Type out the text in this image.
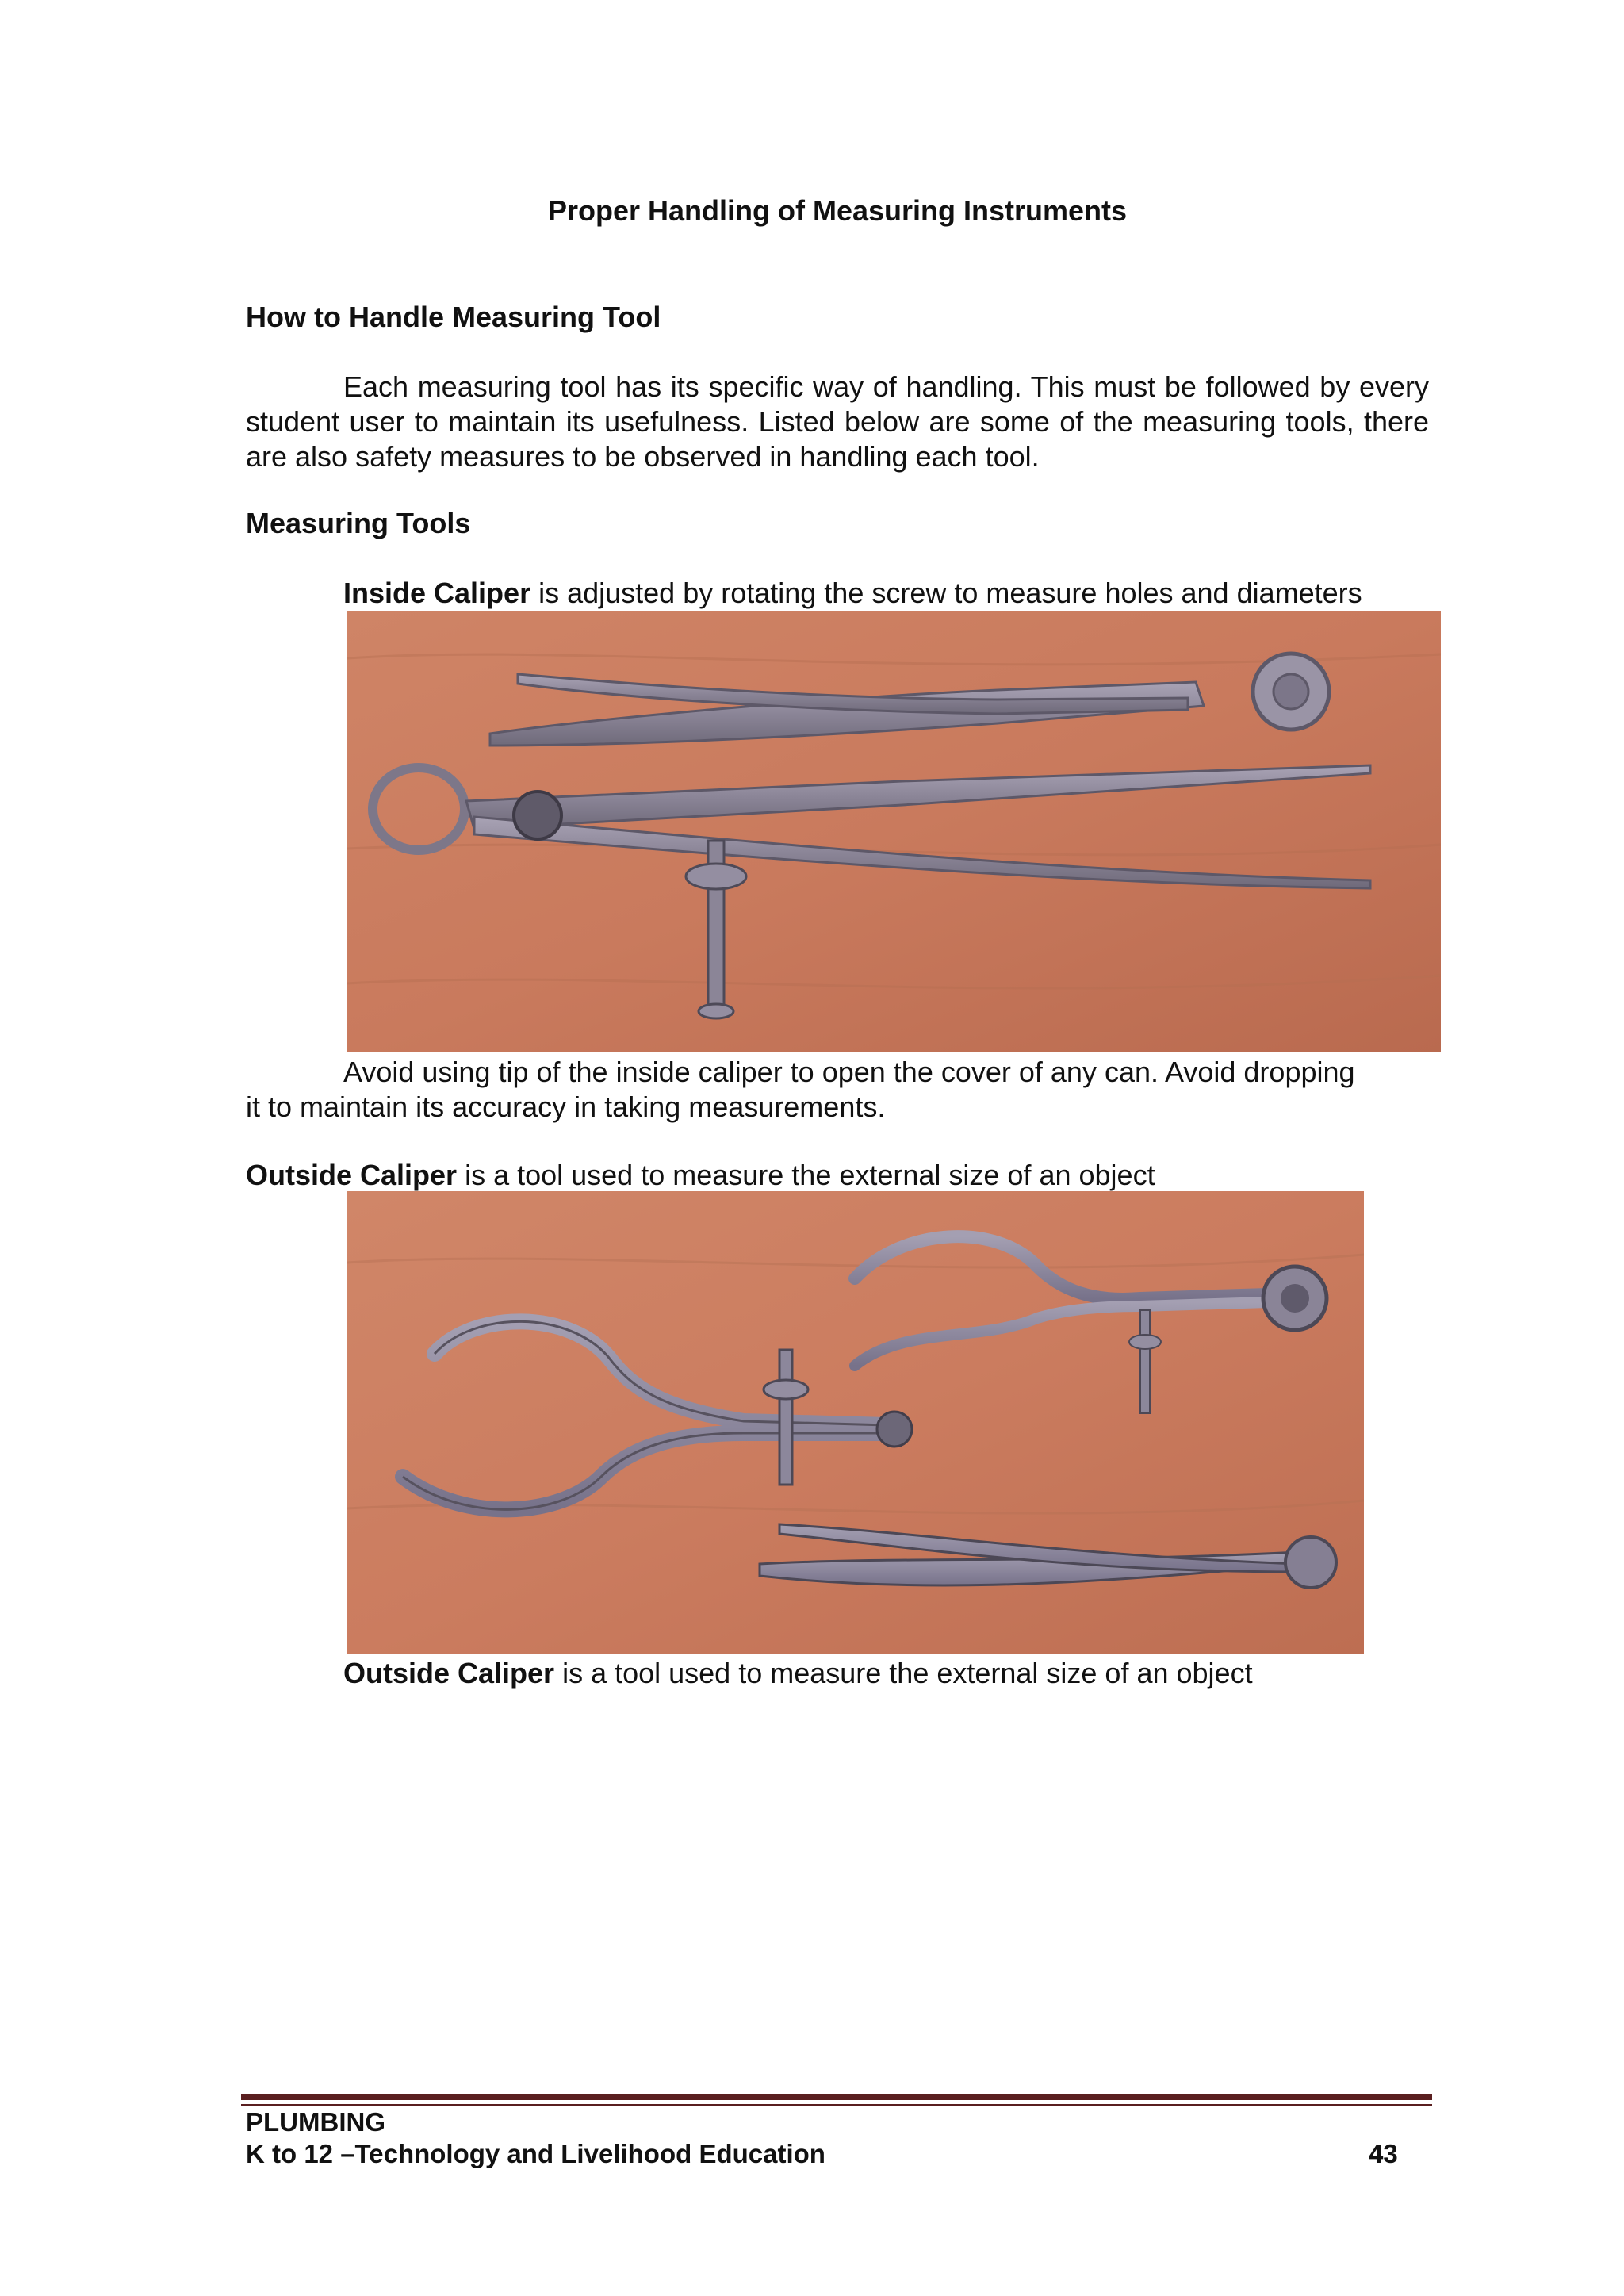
Proper Handling of Measuring Instruments
How to Handle Measuring Tool
Each measuring tool has its specific way of handling. This must be followed by every student user to maintain its usefulness. Listed below are some of the measuring tools, there are also safety measures to be observed in handling each tool.
Measuring Tools
Inside Caliper is adjusted by rotating the screw to measure holes and diameters
Avoid using tip of the inside caliper to open the cover of any can. Avoid dropping
it to maintain its accuracy in taking measurements.
Outside Caliper is a tool used to measure the external size of an object
Outside Caliper is a tool used to measure the external size of an object
PLUMBING
K to 12 –Technology and Livelihood Education	43
